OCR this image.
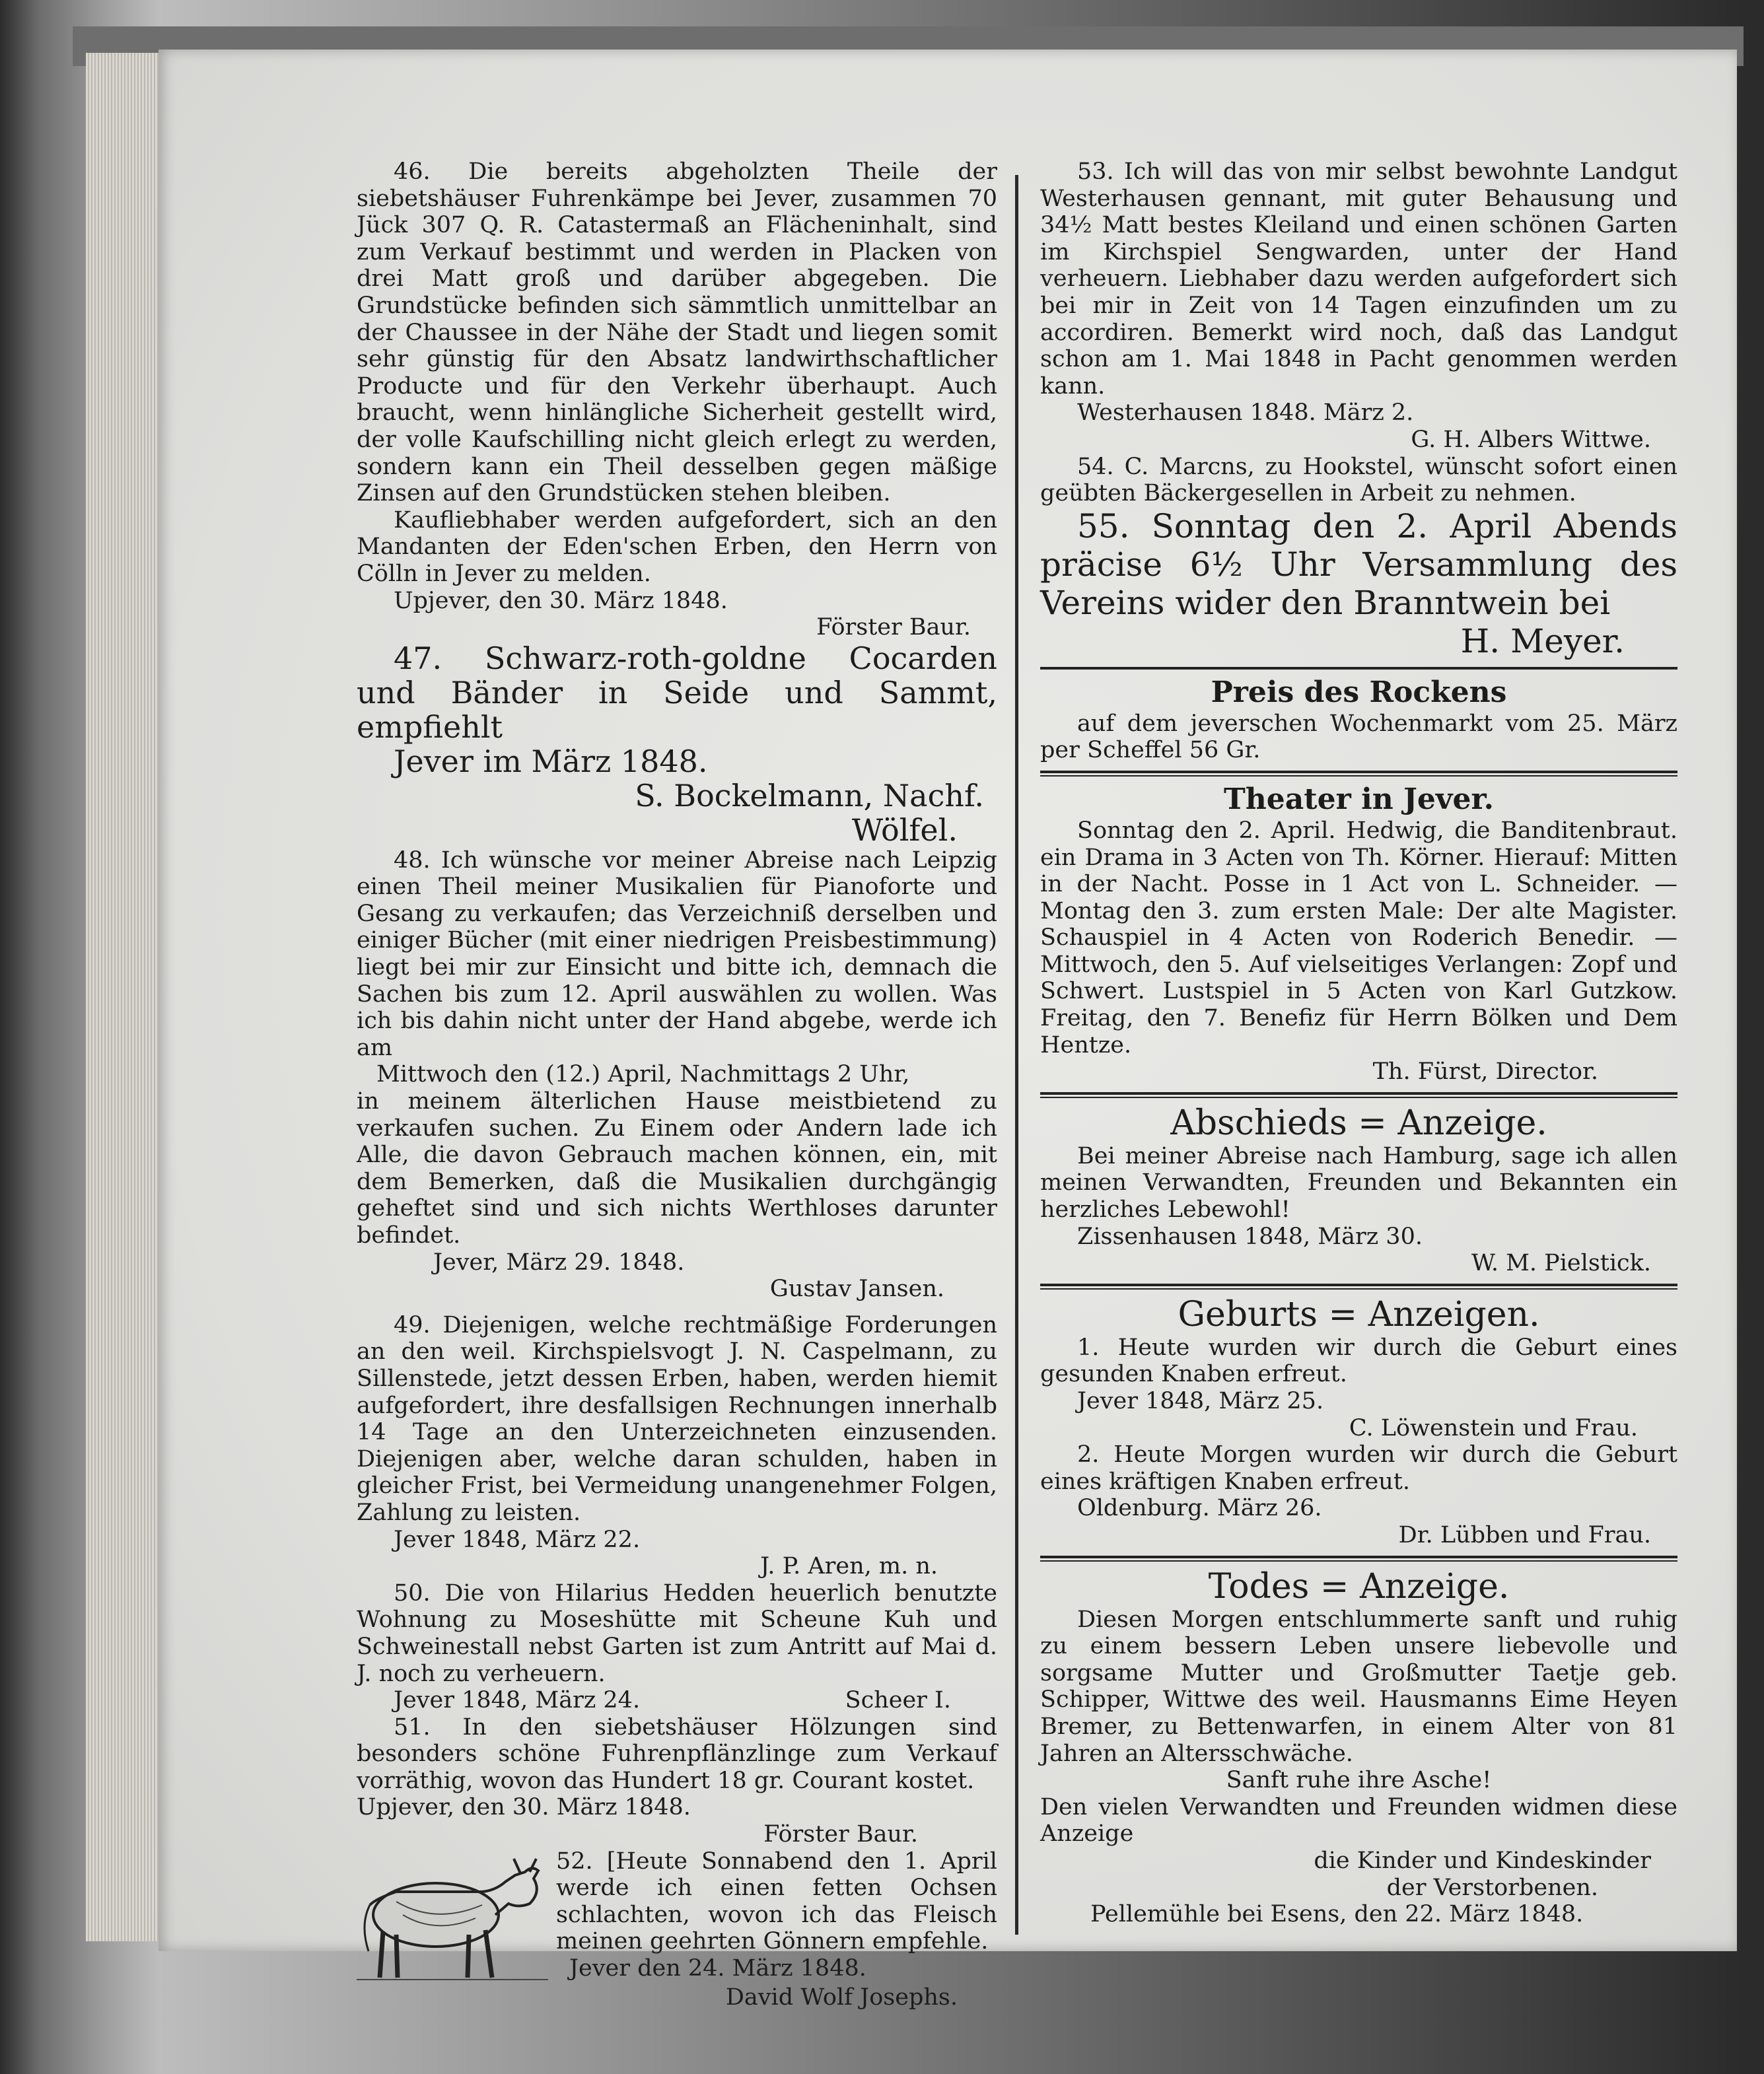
46. Die bereits abgeholzten Theile der siebetshäuser Fuhrenkämpe bei Jever, zusammen 70 Jück 307 Q. R. Catastermaß an Flächeninhalt, sind zum Verkauf bestimmt und werden in Placken von drei Matt groß und darüber abgegeben. Die Grundstücke befinden sich sämmtlich unmittelbar an der Chaussee in der Nähe der Stadt und liegen somit sehr günstig für den Absatz landwirthschaftlicher Producte und für den Verkehr überhaupt. Auch braucht, wenn hinlängliche Sicherheit gestellt wird, der volle Kaufschilling nicht gleich erlegt zu werden, sondern kann ein Theil desselben gegen mäßige Zinsen auf den Grundstücken stehen bleiben.

Kaufliebhaber werden aufgefordert, sich an den Mandanten der Eden'schen Erben, den Herrn von Cölln in Jever zu melden.

Upjever, den 30. März 1848.

Förster Baur.

47. Schwarz-roth-goldne Cocarden und Bänder in Seide und Sammt, empfiehlt

Jever im März 1848.

S. Bockelmann, Nachf.

Wölfel.

48. Ich wünsche vor meiner Abreise nach Leipzig einen Theil meiner Musikalien für Pianoforte und Gesang zu verkaufen; das Verzeichniß derselben und einiger Bücher (mit einer niedrigen Preisbestimmung) liegt bei mir zur Einsicht und bitte ich, demnach die Sachen bis zum 12. April auswählen zu wollen. Was ich bis dahin nicht unter der Hand abgebe, werde ich am

Mittwoch den (12.) April, Nachmittags 2 Uhr,

in meinem älterlichen Hause meistbietend zu verkaufen suchen. Zu Einem oder Andern lade ich Alle, die davon Gebrauch machen können, ein, mit dem Bemerken, daß die Musikalien durchgängig geheftet sind und sich nichts Werthloses darunter befindet.

Jever, März 29. 1848.

Gustav Jansen.

49. Diejenigen, welche rechtmäßige Forderungen an den weil. Kirchspielsvogt J. N. Caspelmann, zu Sillenstede, jetzt dessen Erben, haben, werden hiemit aufgefordert, ihre desfallsigen Rechnungen innerhalb 14 Tage an den Unterzeichneten einzusenden. Diejenigen aber, welche daran schulden, haben in gleicher Frist, bei Vermeidung unangenehmer Folgen, Zahlung zu leisten.

Jever 1848, März 22.

J. P. Aren, m. n.

50. Die von Hilarius Hedden heuerlich benutzte Wohnung zu Moseshütte mit Scheune Kuh und Schweinestall nebst Garten ist zum Antritt auf Mai d. J. noch zu verheuern.

Jever 1848, März 24.	Scheer I.

51. In den siebetshäuser Hölzungen sind besonders schöne Fuhrenpflänzlinge zum Verkauf vorräthig, wovon das Hundert 18 gr. Courant kostet.

Upjever, den 30. März 1848.

Förster Baur.

52. [Heute Sonnabend den 1. April werde ich einen fetten Ochsen schlachten, wovon ich das Fleisch meinen geehrten Gönnern empfehle.

Jever den 24. März 1848.

David Wolf Josephs.

53. Ich will das von mir selbst bewohnte Landgut Westerhausen gennant, mit guter Behausung und 34½ Matt bestes Kleiland und einen schönen Garten im Kirchspiel Sengwarden, unter der Hand verheuern. Liebhaber dazu werden aufgefordert sich bei mir in Zeit von 14 Tagen einzufinden um zu accordiren. Bemerkt wird noch, daß das Landgut schon am 1. Mai 1848 in Pacht genommen werden kann.

Westerhausen 1848. März 2.

G. H. Albers Wittwe.

54. C. Marcns, zu Hookstel, wünscht sofort einen geübten Bäckergesellen in Arbeit zu nehmen.

55. Sonntag den 2. April Abends präcise 6½ Uhr Versammlung des Vereins wider den Branntwein bei

H. Meyer.

Preis des Rockens

auf dem jeverschen Wochenmarkt vom 25. März per Scheffel 56 Gr.

Theater in Jever.

Sonntag den 2. April. Hedwig, die Banditenbraut. ein Drama in 3 Acten von Th. Körner. Hierauf: Mitten in der Nacht. Posse in 1 Act von L. Schneider. — Montag den 3. zum ersten Male: Der alte Magister. Schauspiel in 4 Acten von Roderich Benedir. — Mittwoch, den 5. Auf vielseitiges Verlangen: Zopf und Schwert. Lustspiel in 5 Acten von Karl Gutzkow. Freitag, den 7. Benefiz für Herrn Bölken und Dem Hentze.

Th. Fürst, Director.

Abschieds = Anzeige.

Bei meiner Abreise nach Hamburg, sage ich allen meinen Verwandten, Freunden und Bekannten ein herzliches Lebewohl!

Zissenhausen 1848, März 30.

W. M. Pielstick.

Geburts = Anzeigen.

1. Heute wurden wir durch die Geburt eines gesunden Knaben erfreut.

Jever 1848, März 25.

C. Löwenstein und Frau.

2. Heute Morgen wurden wir durch die Geburt eines kräftigen Knaben erfreut.

Oldenburg. März 26.

Dr. Lübben und Frau.

Todes = Anzeige.

Diesen Morgen entschlummerte sanft und ruhig zu einem bessern Leben unsere liebevolle und sorgsame Mutter und Großmutter Taetje geb. Schipper, Wittwe des weil. Hausmanns Eime Heyen Bremer, zu Bettenwarfen, in einem Alter von 81 Jahren an Altersschwäche.

Sanft ruhe ihre Asche!

Den vielen Verwandten und Freunden widmen diese Anzeige

die Kinder und Kindeskinder

der Verstorbenen.

Pellemühle bei Esens, den 22. März 1848.
